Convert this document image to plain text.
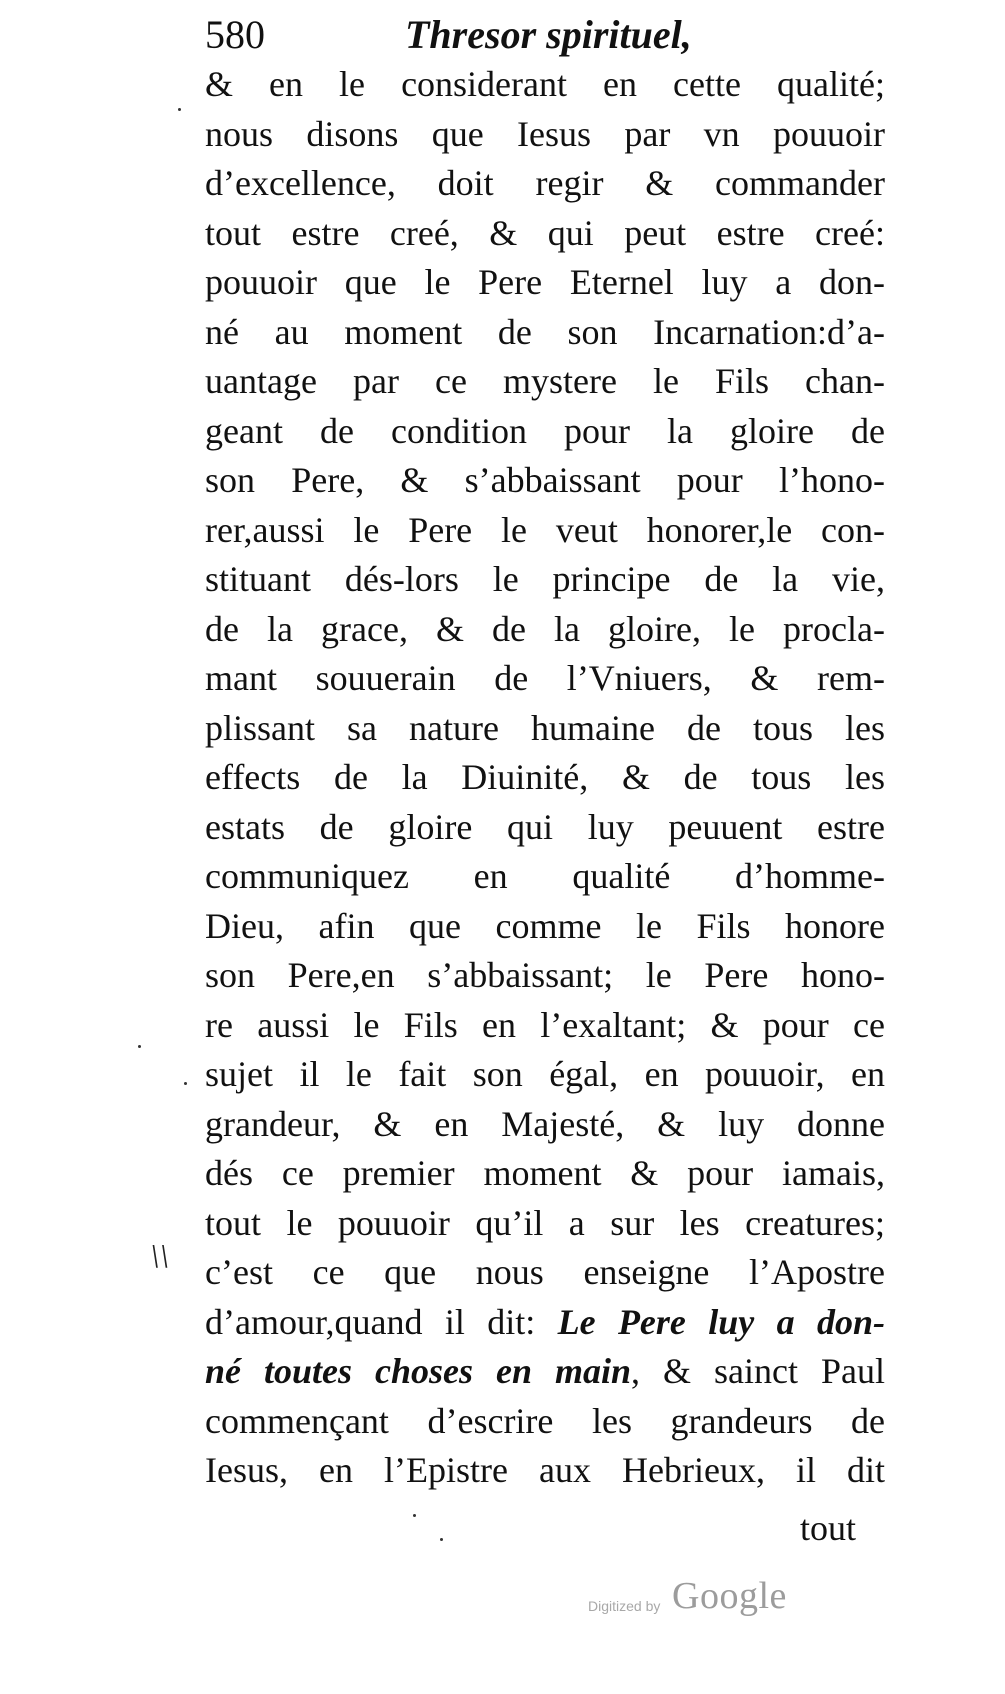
580	Thresor spirituel,
& en le considerant en cette qualité;
nous disons que Iesus par vn pouuoir
d’excellence, doit regir & commander
tout estre creé, & qui peut estre creé:
pouuoir que le Pere Eternel luy a don-
né au moment de son Incarnation:d’a-
uantage par ce mystere le Fils chan-
geant de condition pour la gloire de
son Pere, & s’abbaissant pour l’hono-
rer,aussi le Pere le veut honorer,le con-
stituant dés-lors le principe de la vie,
de la grace, & de la gloire, le procla-
mant souuerain de l’Vniuers, & rem-
plissant sa nature humaine de tous les
effects de la Diuinité, & de tous les
estats de gloire qui luy peuuent estre
communiquez en qualité d’homme-
Dieu, afin que comme le Fils honore
son Pere,en s’abbaissant; le Pere hono-
re aussi le Fils en l’exaltant; & pour ce
sujet il le fait son égal, en pouuoir, en
grandeur, & en Majesté, & luy donne
dés ce premier moment & pour iamais,
tout le pouuoir qu’il a sur les creatures;
c’est ce que nous enseigne l’Apostre
d’amour,quand il dit: Le Pere luy a don-
né toutes choses en main, & sainct Paul
commençant d’escrire les grandeurs de
Iesus, en l’Epistre aux Hebrieux, il dit
tout
\\
Digitized by Google
